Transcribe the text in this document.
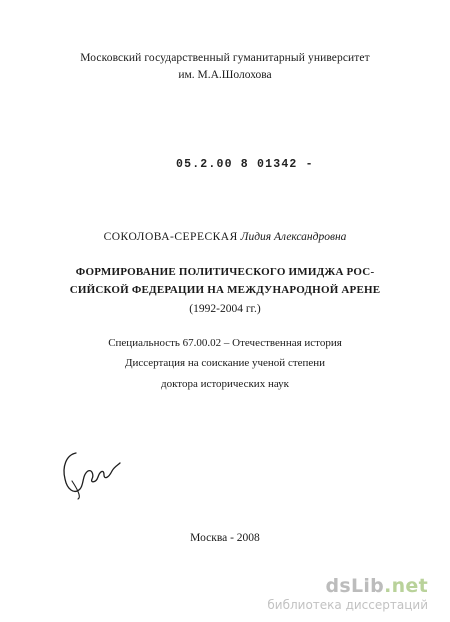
Московский государственный гуманитарный университет
им. М.А.Шолохова
05.2.00 8 01342 -
СОКОЛОВА-СЕРЕСКАЯ Лидия Александровна
ФОРМИРОВАНИЕ ПОЛИТИЧЕСКОГО ИМИДЖА РОС-
СИЙСКОЙ ФЕДЕРАЦИИ НА МЕЖДУНАРОДНОЙ АРЕНЕ
(1992-2004 гг.)
Специальность 67.00.02 – Отечественная история
Диссертация на соискание ученой степени
доктора исторических наук
Москва - 2008
dsLib.net
библиотека диссертаций
